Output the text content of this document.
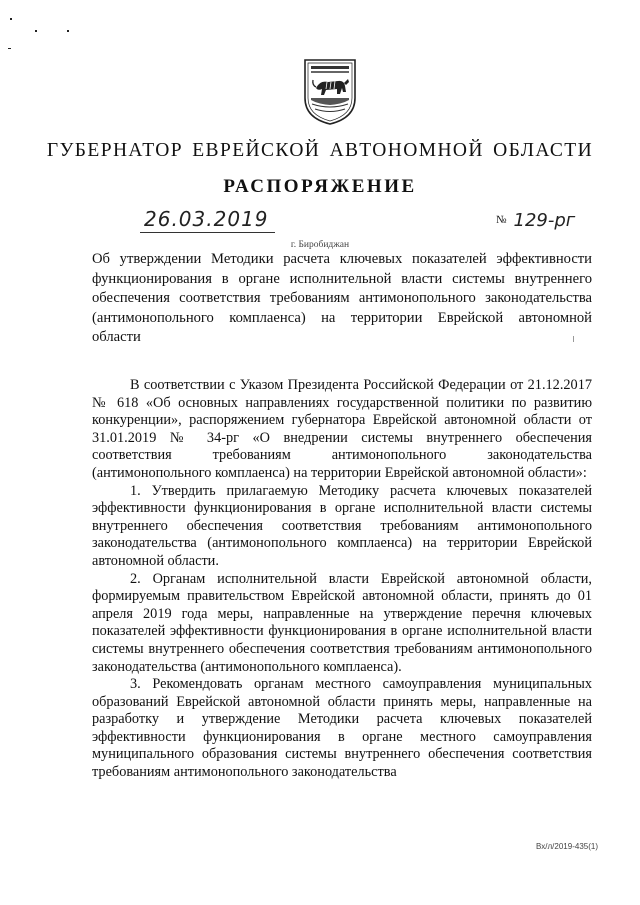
ГУБЕРНАТОР ЕВРЕЙСКОЙ АВТОНОМНОЙ ОБЛАСТИ
РАСПОРЯЖЕНИЕ
26.03.2019	№ 129-рг
г. Биробиджан
Об утверждении Методики расчета ключевых показателей эффективности
функционирования в органе исполнительной власти системы внутреннего
обеспечения соответствия требованиям антимонопольного законодательства
(антимонопольного комплаенса) на территории Еврейской автономной
области

В соответствии с Указом Президента Российской Федерации от 21.12.2017 № 618 «Об основных направлениях государственной политики по развитию конкуренции», распоряжением губернатора Еврейской автономной области от 31.01.2019 № 34-рг «О внедрении системы внутреннего обеспечения соответствия требованиям антимонопольного законодательства (антимонопольного комплаенса) на территории Еврейской автономной области»:

1. Утвердить прилагаемую Методику расчета ключевых показателей эффективности функционирования в органе исполнительной власти системы внутреннего обеспечения соответствия требованиям антимонопольного законодательства (антимонопольного комплаенса) на территории Еврейской автономной области.

2. Органам исполнительной власти Еврейской автономной области, формируемым правительством Еврейской автономной области, принять до 01 апреля 2019 года меры, направленные на утверждение перечня ключевых показателей эффективности функционирования в органе исполнительной власти системы внутреннего обеспечения соответствия требованиям антимонопольного законодательства (антимонопольного комплаенса).

3. Рекомендовать органам местного самоуправления муниципальных образований Еврейской автономной области принять меры, направленные на разработку и утверждение Методики расчета ключевых показателей эффективности функционирования в органе местного самоуправления муниципального образования системы внутреннего обеспечения соответствия требованиям антимонопольного законодательства

Вх/л/2019-435(1)
